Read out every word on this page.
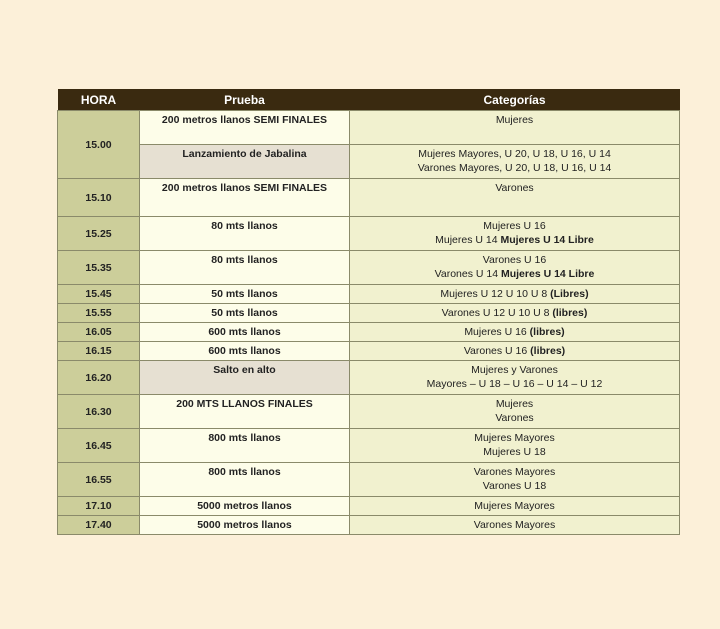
HORA	Prueba	Categorías
15.00	200 metros llanos SEMI FINALES	Mujeres

	Lanzamiento de Jabalina	Mujeres Mayores, U 20, U 18, U 16, U 14
Varones Mayores, U 20, U 18, U 16, U 14

15.10	200 metros llanos SEMI FINALES	Varones

15.25	80 mts llanos	Mujeres U 16
Mujeres U 14 Mujeres U 14 Libre

15.35	80 mts llanos	Varones U 16
Varones U 14 Mujeres U 14 Libre

15.45	50 mts llanos	Mujeres U 12 U 10 U 8 (Libres)
15.55	50 mts llanos	Varones U 12 U 10 U 8 (libres)
16.05	600 mts llanos	Mujeres U 16 (libres)
16.15	600 mts llanos	Varones U 16 (libres)
16.20	Salto en alto	Mujeres y Varones
Mayores – U 18 – U 16 – U 14 – U 12

16.30	200 MTS LLANOS FINALES	Mujeres
Varones

16.45	800 mts llanos	Mujeres Mayores
Mujeres U 18

16.55	800 mts llanos	Varones Mayores
Varones U 18

17.10	5000 metros llanos	Mujeres Mayores
17.40	5000 metros llanos	Varones Mayores
